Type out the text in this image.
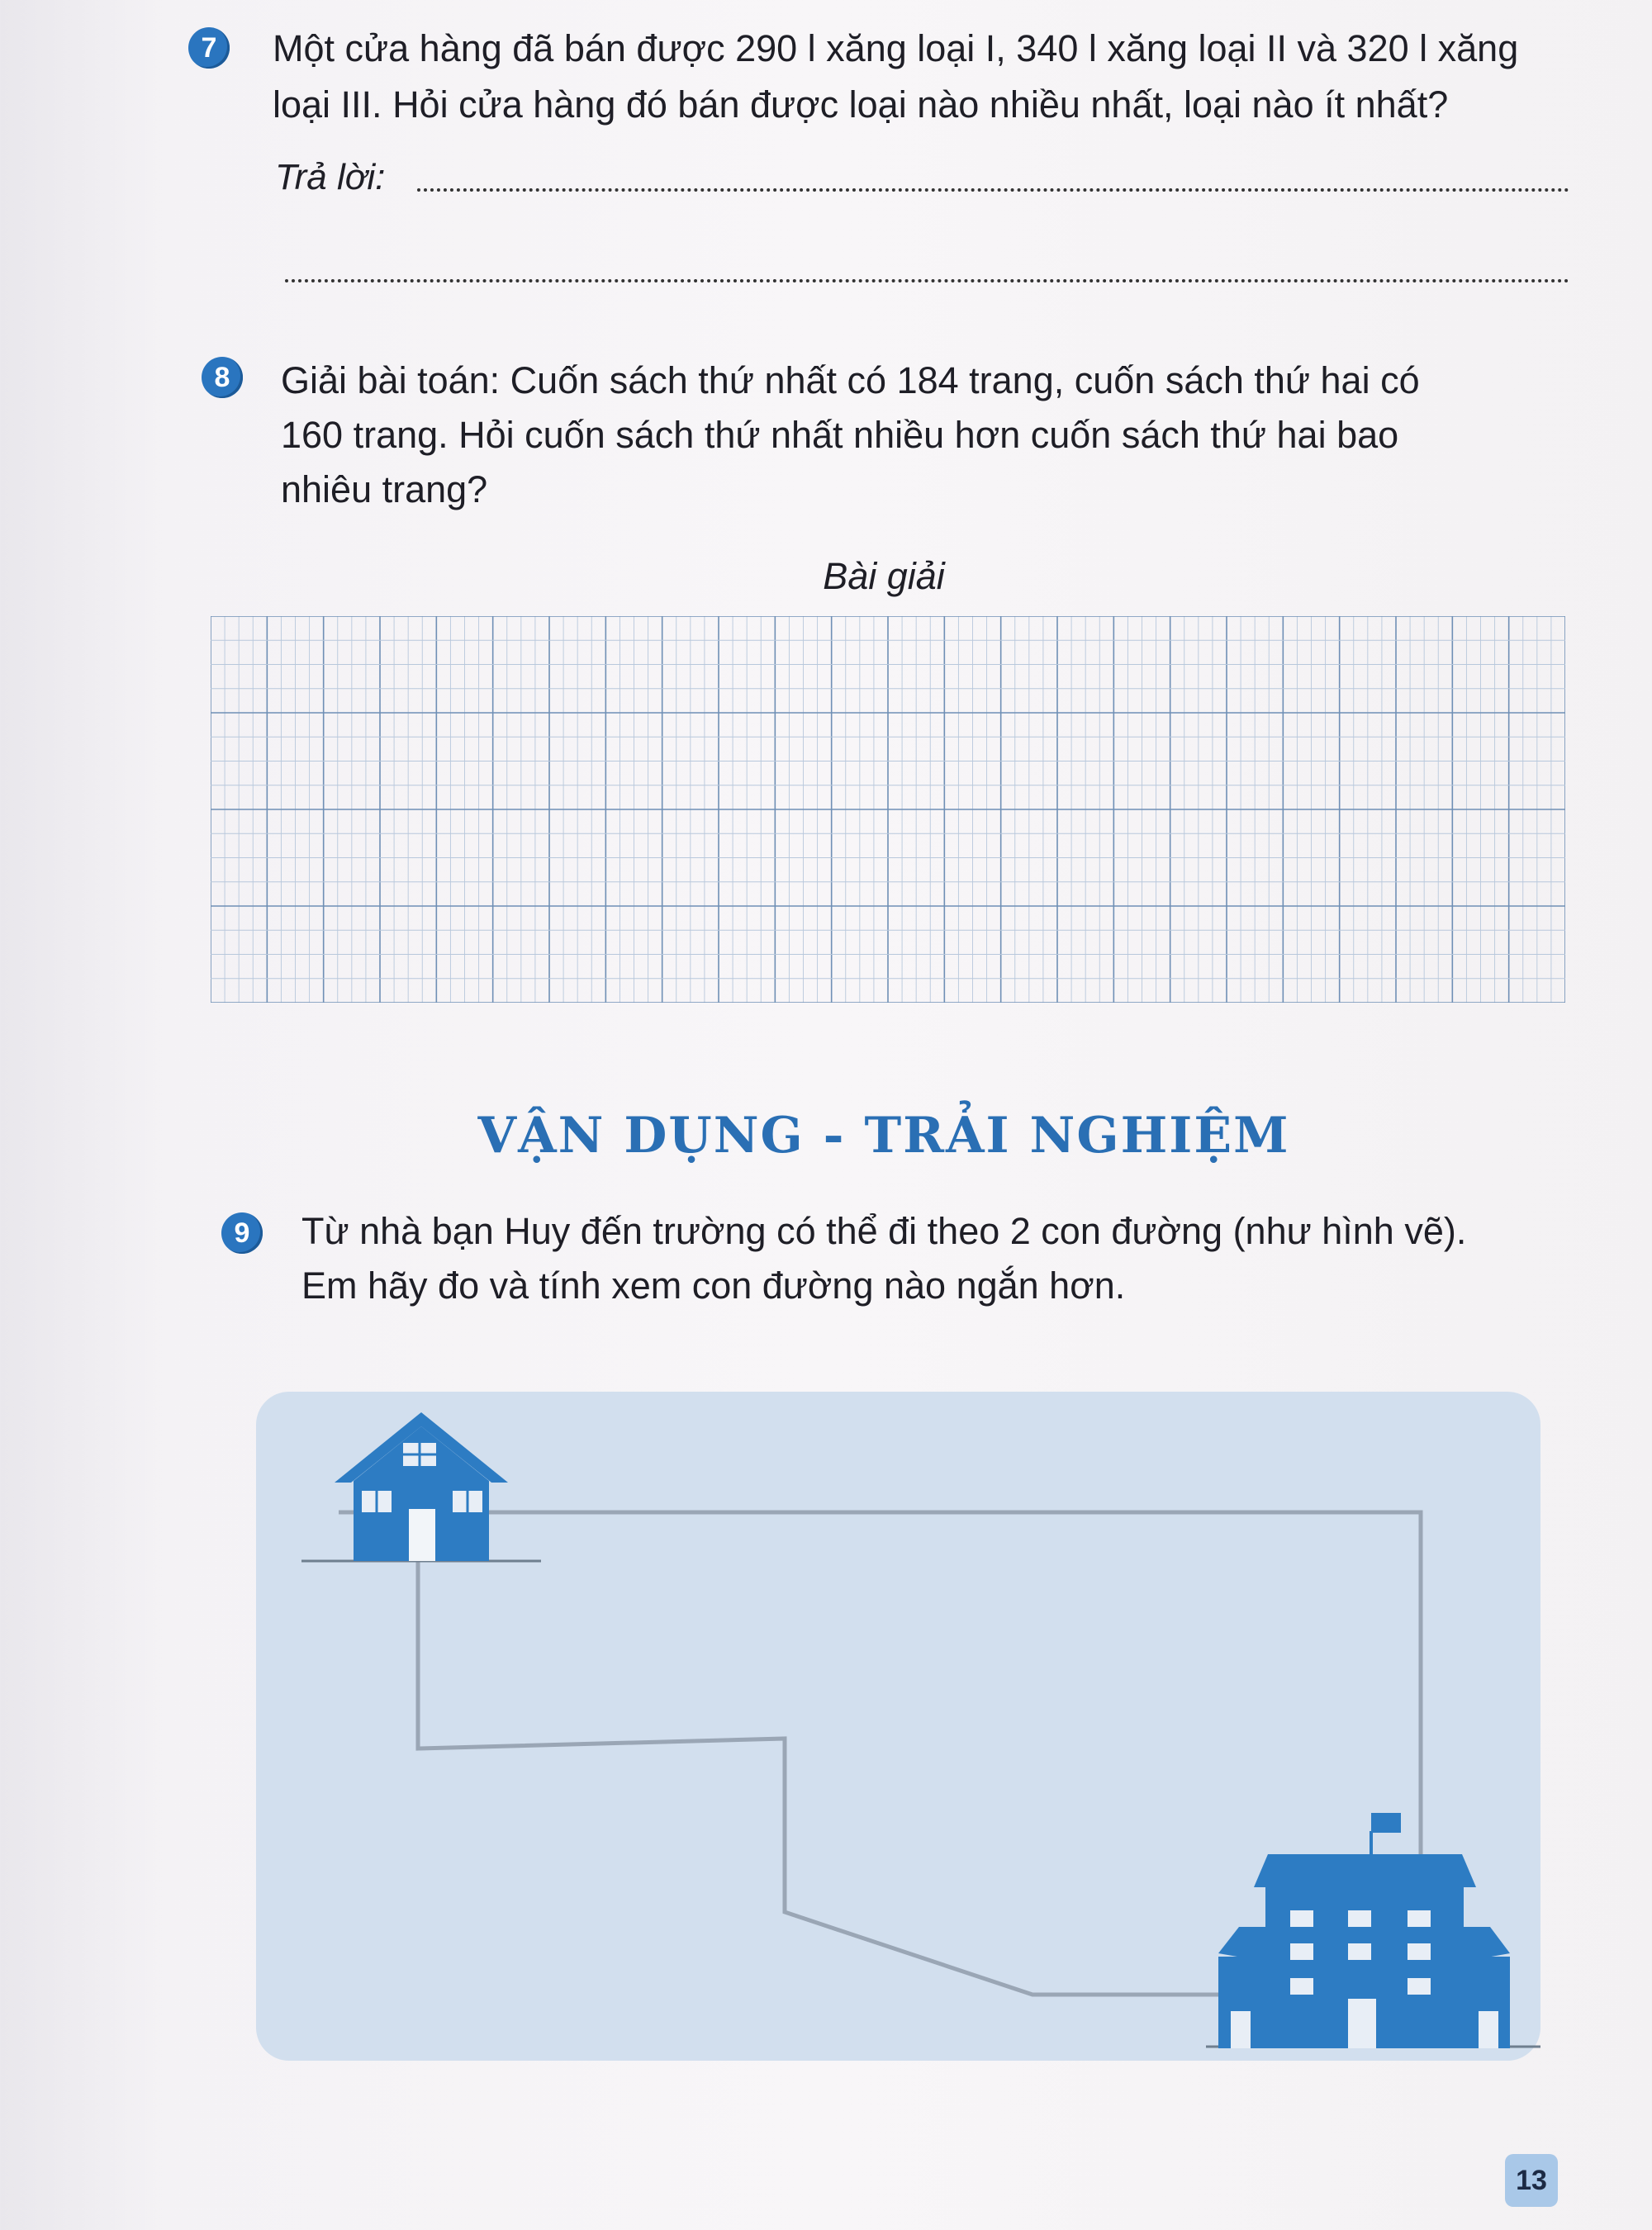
7 Một cửa hàng đã bán được 290 l xăng loại I, 340 l xăng loại II và 320 l xăng

loại III. Hỏi cửa hàng đó bán được loại nào nhiều nhất, loại nào ít nhất?

Trả lời:
8 Giải bài toán: Cuốn sách thứ nhất có 184 trang, cuốn sách thứ hai có

160 trang. Hỏi cuốn sách thứ nhất nhiều hơn cuốn sách thứ hai bao

nhiêu trang?

Bài giải
VẬN DỤNG - TRẢI NGHIỆM
9 Từ nhà bạn Huy đến trường có thể đi theo 2 con đường (như hình vẽ).

Em hãy đo và tính xem con đường nào ngắn hơn.

13
